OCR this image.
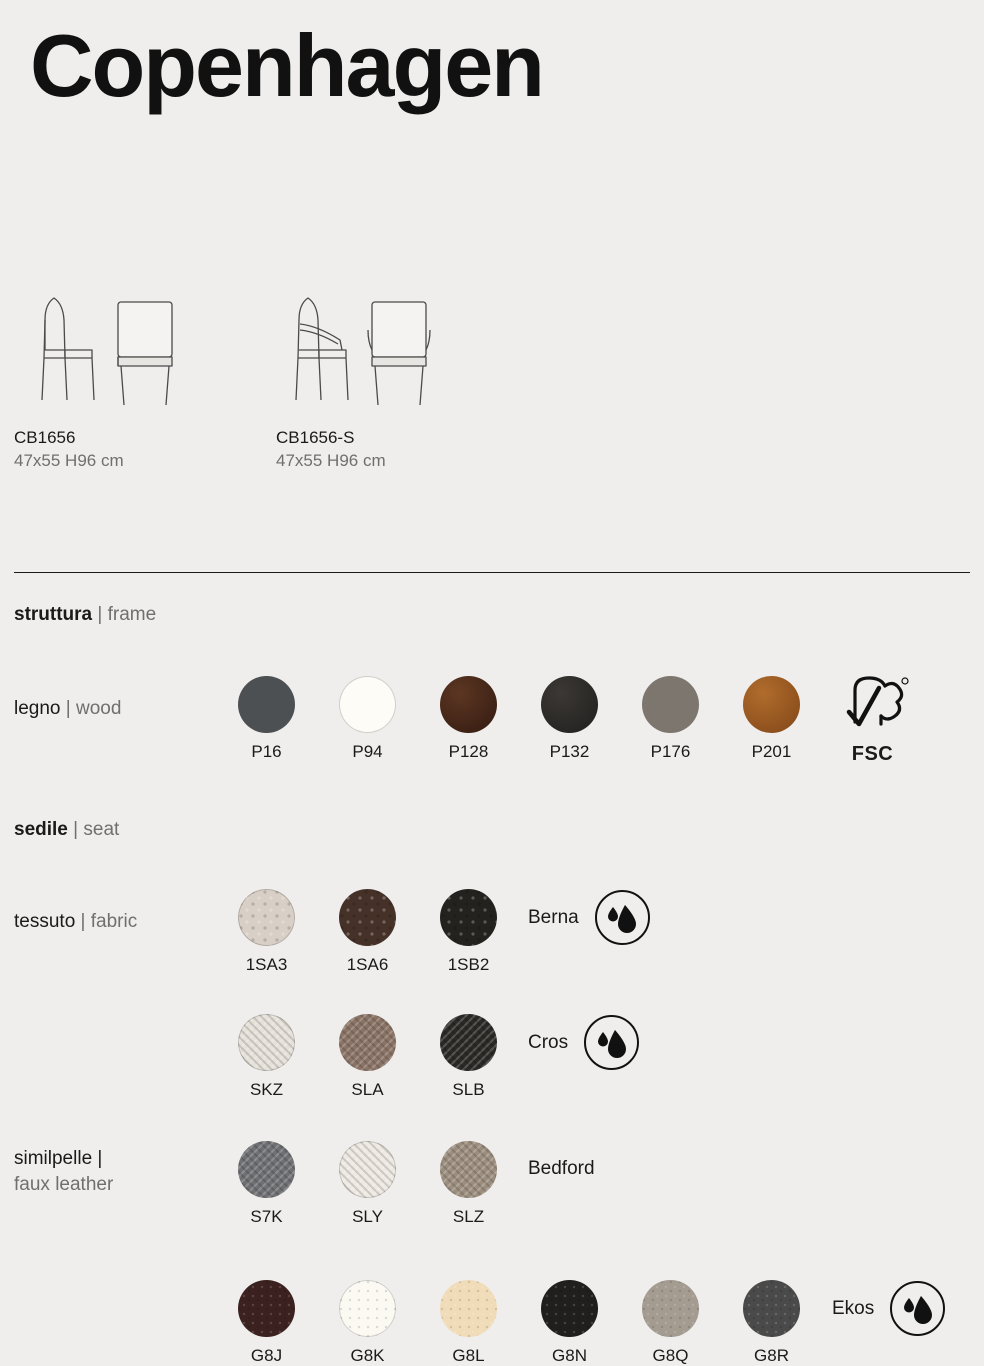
Copenhagen
CB1656
47x55 H96 cm
CB1656-S
47x55 H96 cm
struttura | frame
legno | wood
P16	P94	P128	P132	P176	P201	FSC
sedile | seat
tessuto | fabric
1SA3	1SA6	1SB2
Berna
SKZ	SLA	SLB
Cros
similpelle |
faux leather
S7K	SLY	SLZ
Bedford
G8J	G8K	G8L	G8N	G8Q	G8R
Ekos
